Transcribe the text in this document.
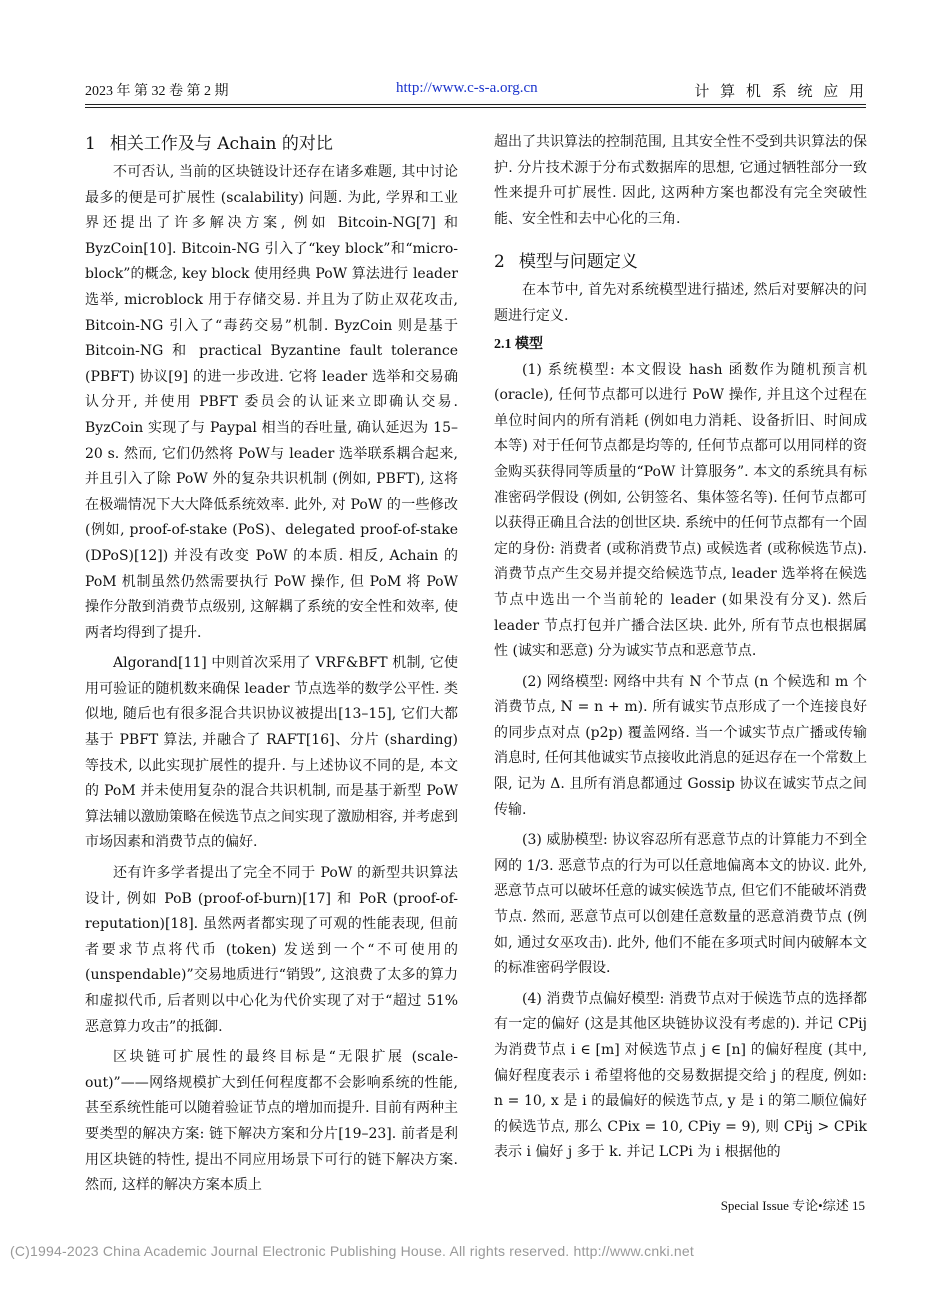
2023 年 第 32 卷 第 2 期	http://www.c-s-a.org.cn	计 算 机 系 统 应 用
1 相关工作及与 Achain 的对比

不可否认, 当前的区块链设计还存在诸多难题, 其中讨论最多的便是可扩展性 (scalability) 问题. 为此, 学界和工业界还提出了许多解决方案, 例如 Bitcoin-NG[7] 和 ByzCoin[10]. Bitcoin-NG 引入了“key block”和“micro-block”的概念, key block 使用经典 PoW 算法进行 leader 选举, microblock 用于存储交易. 并且为了防止双花攻击, Bitcoin-NG 引入了“毒药交易”机制. ByzCoin 则是基于 Bitcoin-NG 和 practical Byzantine fault tolerance (PBFT) 协议[9] 的进一步改进. 它将 leader 选举和交易确认分开, 并使用 PBFT 委员会的认证来立即确认交易. ByzCoin 实现了与 Paypal 相当的吞吐量, 确认延迟为 15–20 s. 然而, 它们仍然将 PoW与 leader 选举联系耦合起来, 并且引入了除 PoW 外的复杂共识机制 (例如, PBFT), 这将在极端情况下大大降低系统效率. 此外, 对 PoW 的一些修改 (例如, proof-of-stake (PoS)、delegated proof-of-stake (DPoS)[12]) 并没有改变 PoW 的本质. 相反, Achain 的 PoM 机制虽然仍然需要执行 PoW 操作, 但 PoM 将 PoW 操作分散到消费节点级别, 这解耦了系统的安全性和效率, 使两者均得到了提升.

Algorand[11] 中则首次采用了 VRF&BFT 机制, 它使用可验证的随机数来确保 leader 节点选举的数学公平性. 类似地, 随后也有很多混合共识协议被提出[13–15], 它们大都基于 PBFT 算法, 并融合了 RAFT[16]、分片 (sharding) 等技术, 以此实现扩展性的提升. 与上述协议不同的是, 本文的 PoM 并未使用复杂的混合共识机制, 而是基于新型 PoW 算法辅以激励策略在候选节点之间实现了激励相容, 并考虑到市场因素和消费节点的偏好.

还有许多学者提出了完全不同于 PoW 的新型共识算法设计, 例如 PoB (proof-of-burn)[17] 和 PoR (proof-of-reputation)[18]. 虽然两者都实现了可观的性能表现, 但前者要求节点将代币 (token) 发送到一个“不可使用的 (unspendable)”交易地质进行“销毁”, 这浪费了太多的算力和虚拟代币, 后者则以中心化为代价实现了对于“超过 51% 恶意算力攻击”的抵御.

区块链可扩展性的最终目标是“无限扩展 (scale-out)”——网络规模扩大到任何程度都不会影响系统的性能, 甚至系统性能可以随着验证节点的增加而提升. 目前有两种主要类型的解决方案: 链下解决方案和分片[19–23]. 前者是利用区块链的特性, 提出不同应用场景下可行的链下解决方案. 然而, 这样的解决方案本质上

超出了共识算法的控制范围, 且其安全性不受到共识算法的保护. 分片技术源于分布式数据库的思想, 它通过牺牲部分一致性来提升可扩展性. 因此, 这两种方案也都没有完全突破性能、安全性和去中心化的三角.

2 模型与问题定义

在本节中, 首先对系统模型进行描述, 然后对要解决的问题进行定义.

2.1 模型

(1) 系统模型: 本文假设 hash 函数作为随机预言机 (oracle), 任何节点都可以进行 PoW 操作, 并且这个过程在单位时间内的所有消耗 (例如电力消耗、设备折旧、时间成本等) 对于任何节点都是均等的, 任何节点都可以用同样的资金购买获得同等质量的“PoW 计算服务”. 本文的系统具有标准密码学假设 (例如, 公钥签名、集体签名等). 任何节点都可以获得正确且合法的创世区块. 系统中的任何节点都有一个固定的身份: 消费者 (或称消费节点) 或候选者 (或称候选节点). 消费节点产生交易并提交给候选节点, leader 选举将在候选节点中选出一个当前轮的 leader (如果没有分叉). 然后 leader 节点打包并广播合法区块. 此外, 所有节点也根据属性 (诚实和恶意) 分为诚实节点和恶意节点.

(2) 网络模型: 网络中共有 N 个节点 (n 个候选和 m 个消费节点, N = n + m). 所有诚实节点形成了一个连接良好的同步点对点 (p2p) 覆盖网络. 当一个诚实节点广播或传输消息时, 任何其他诚实节点接收此消息的延迟存在一个常数上限, 记为 Δ. 且所有消息都通过 Gossip 协议在诚实节点之间传输.

(3) 威胁模型: 协议容忍所有恶意节点的计算能力不到全网的 1/3. 恶意节点的行为可以任意地偏离本文的协议. 此外, 恶意节点可以破坏任意的诚实候选节点, 但它们不能破坏消费节点. 然而, 恶意节点可以创建任意数量的恶意消费节点 (例如, 通过女巫攻击). 此外, 他们不能在多项式时间内破解本文的标准密码学假设.

(4) 消费节点偏好模型: 消费节点对于候选节点的选择都有一定的偏好 (这是其他区块链协议没有考虑的). 并记 CPij 为消费节点 i ∈ [m] 对候选节点 j ∈ [n] 的偏好程度 (其中, 偏好程度表示 i 希望将他的交易数据提交给 j 的程度, 例如: n = 10, x 是 i 的最偏好的候选节点, y 是 i 的第二顺位偏好的候选节点, 那么 CPix = 10, CPiy = 9), 则 CPij > CPik 表示 i 偏好 j 多于 k. 并记 LCPi 为 i 根据他的

Special Issue 专论•综述 15
(C)1994-2023 China Academic Journal Electronic Publishing House. All rights reserved. http://www.cnki.net
